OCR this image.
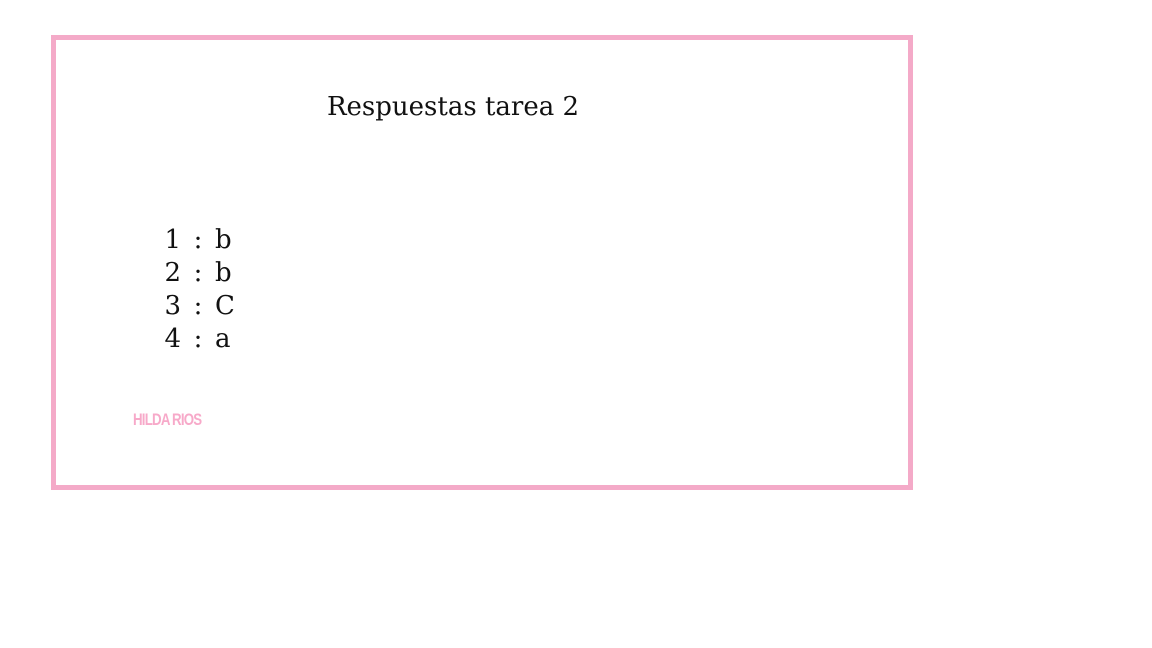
Respuestas tarea 2
1 : b
2 : b
3 : C
4 : a
HILDA RIOS
